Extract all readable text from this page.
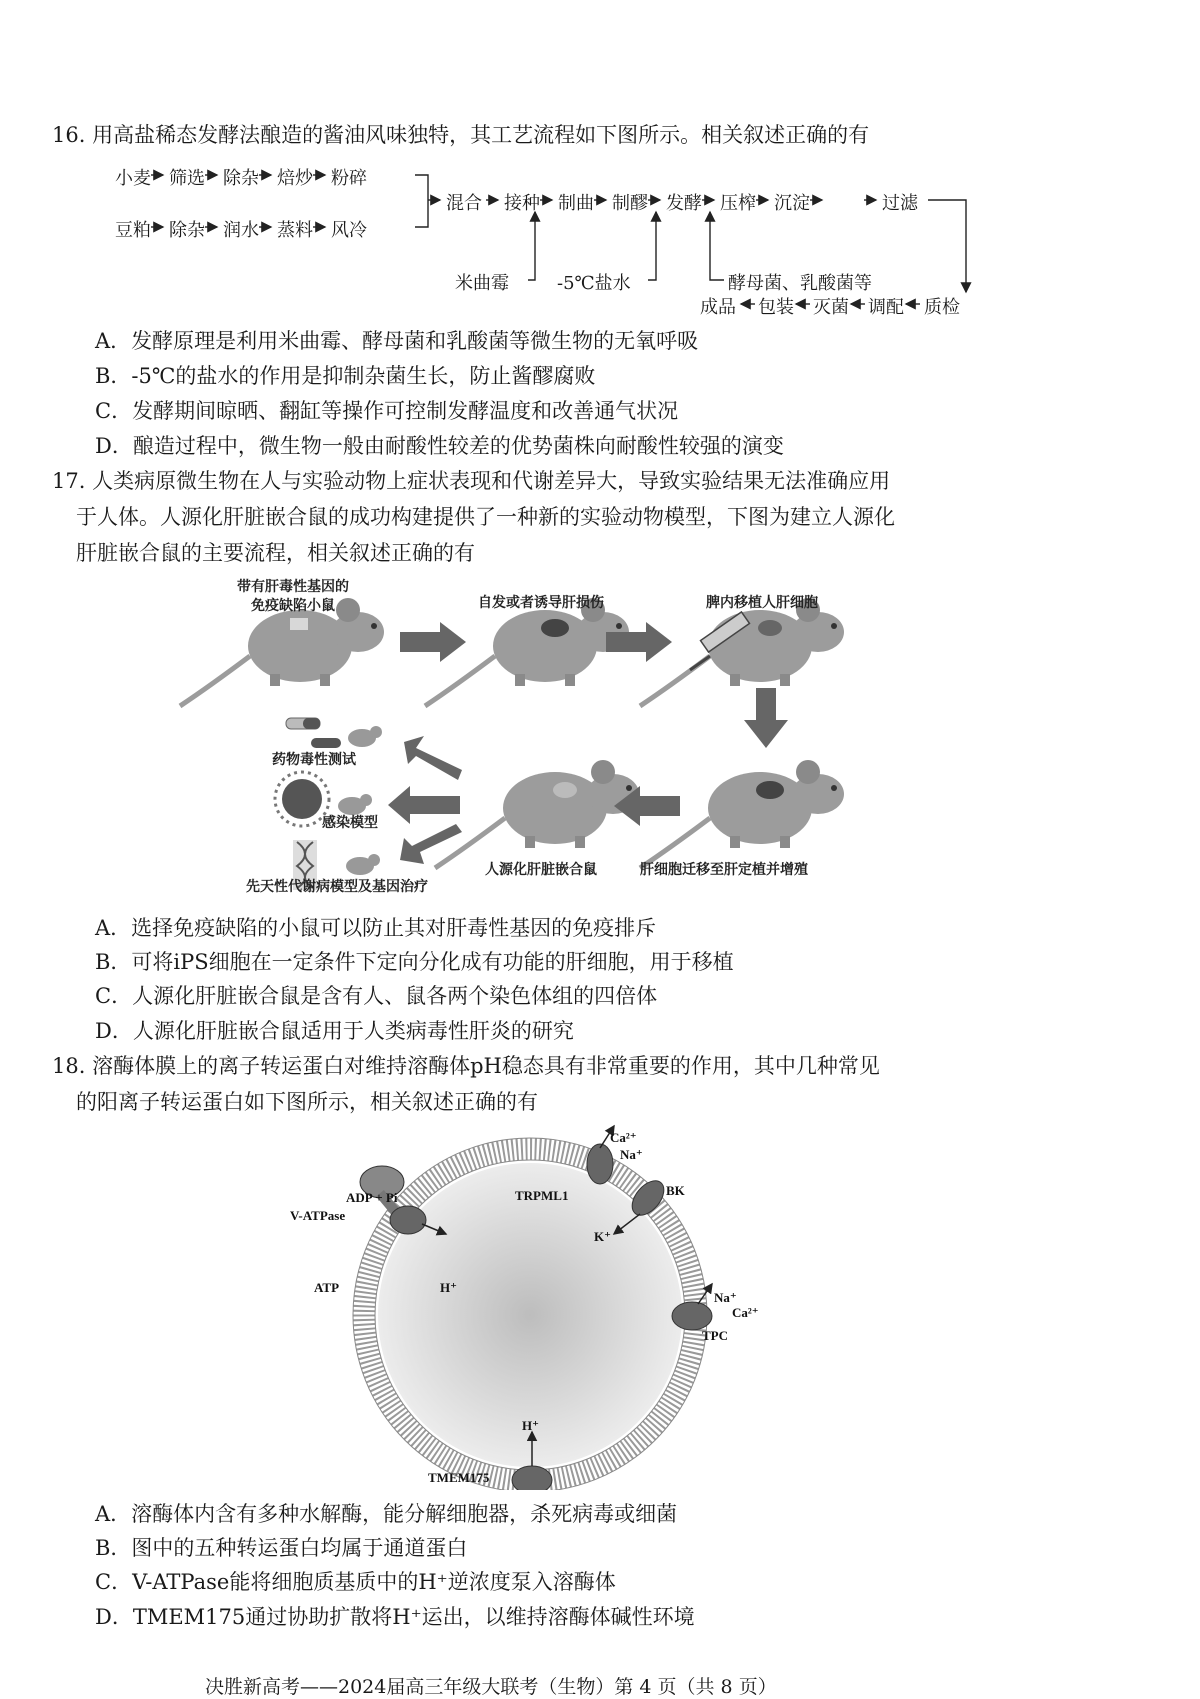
16. 用高盐稀态发酵法酿造的酱油风味独特，其工艺流程如下图所示。相关叙述正确的有
小麦 筛选 除杂 焙炒 粉碎
豆粕 除杂 润水 蒸料 风冷
混合 接种 制曲 制醪 发酵 压榨 沉淀	过滤
米曲霉	-5℃盐水	酵母菌、乳酸菌等
成品 包装 灭菌 调配 质检
A．发酵原理是利用米曲霉、酵母菌和乳酸菌等微生物的无氧呼吸
B．-5℃的盐水的作用是抑制杂菌生长，防止酱醪腐败
C．发酵期间晾晒、翻缸等操作可控制发酵温度和改善通气状况
D．酿造过程中，微生物一般由耐酸性较差的优势菌株向耐酸性较强的演变
17. 人类病原微生物在人与实验动物上症状表现和代谢差异大，导致实验结果无法准确应用
于人体。人源化肝脏嵌合鼠的成功构建提供了一种新的实验动物模型，下图为建立人源化
肝脏嵌合鼠的主要流程，相关叙述正确的有
带有肝毒性基因的
免疫缺陷小鼠	自发或者诱导肝损伤	脾内移植人肝细胞
药物毒性测试
感染模型
先天性代谢病模型及基因治疗
人源化肝脏嵌合鼠	肝细胞迁移至肝定植并增殖
A．选择免疫缺陷的小鼠可以防止其对肝毒性基因的免疫排斥
B．可将iPS细胞在一定条件下定向分化成有功能的肝细胞，用于移植
C．人源化肝脏嵌合鼠是含有人、鼠各两个染色体组的四倍体
D．人源化肝脏嵌合鼠适用于人类病毒性肝炎的研究
18. 溶酶体膜上的离子转运蛋白对维持溶酶体pH稳态具有非常重要的作用，其中几种常见
的阳离子转运蛋白如下图所示，相关叙述正确的有
ADP + Pi
V-ATPase
ATP	H⁺
TRPML1
Ca²⁺
Na⁺
BK
K⁺
Na⁺
Ca²⁺
TPC
H⁺
TMEM175
A．溶酶体内含有多种水解酶，能分解细胞器，杀死病毒或细菌
B．图中的五种转运蛋白均属于通道蛋白
C．V-ATPase能将细胞质基质中的H⁺逆浓度泵入溶酶体
D．TMEM175通过协助扩散将H⁺运出，以维持溶酶体碱性环境
决胜新高考——2024届高三年级大联考（生物）第 4 页（共 8 页）
